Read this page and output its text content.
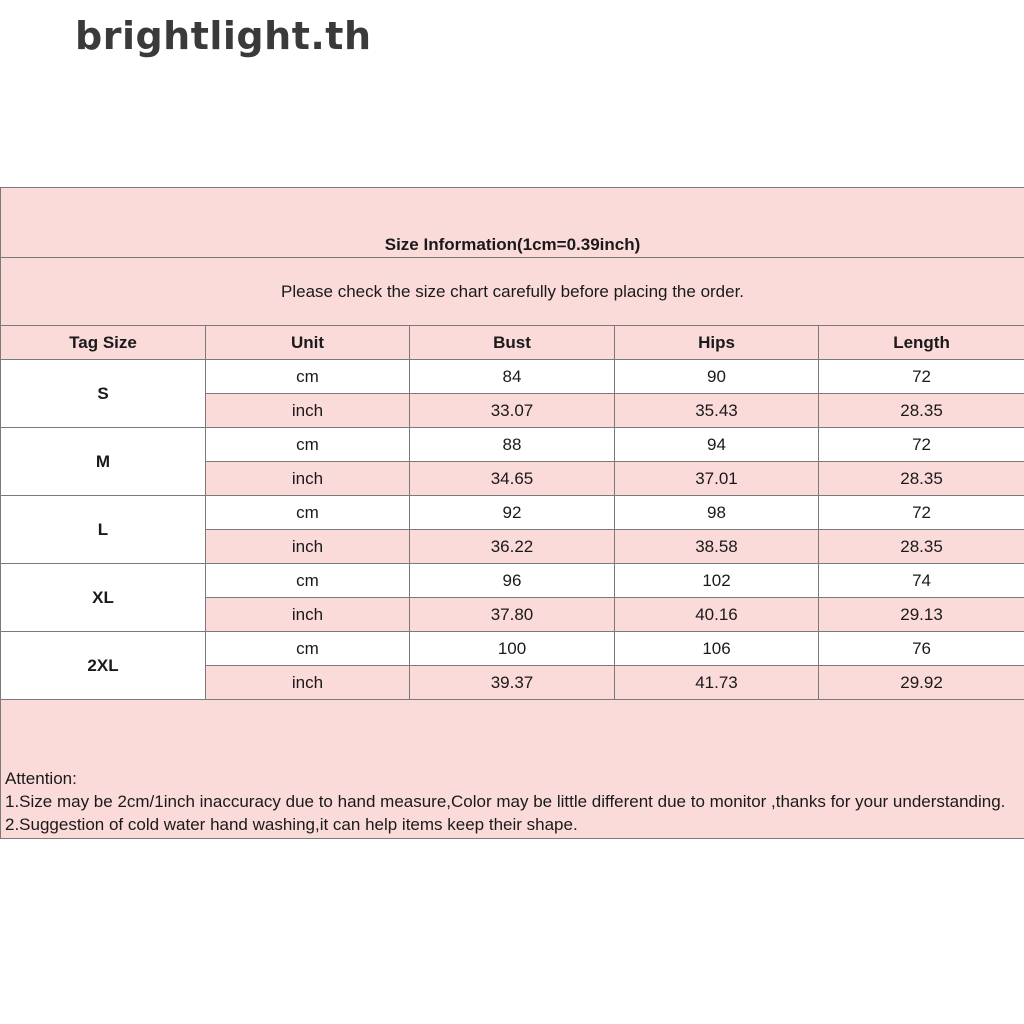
brightlight.th
Size Information(1cm=0.39inch)				
Please check the size chart carefully before placing the order.				
Tag Size	Unit	Bust	Hips	Length
S	cm	84	90	72
	inch	33.07	35.43	28.35
M	cm	88	94	72
	inch	34.65	37.01	28.35
L	cm	92	98	72
	inch	36.22	38.58	28.35
XL	cm	96	102	74
	inch	37.80	40.16	29.13
2XL	cm	100	106	76
	inch	39.37	41.73	29.92

Attention:
1.Size may be 2cm/1inch inaccuracy due to hand measure,Color may be little different due to monitor ,thanks for your understanding.
2.Suggestion of cold water hand washing,it can help items keep their shape.				
